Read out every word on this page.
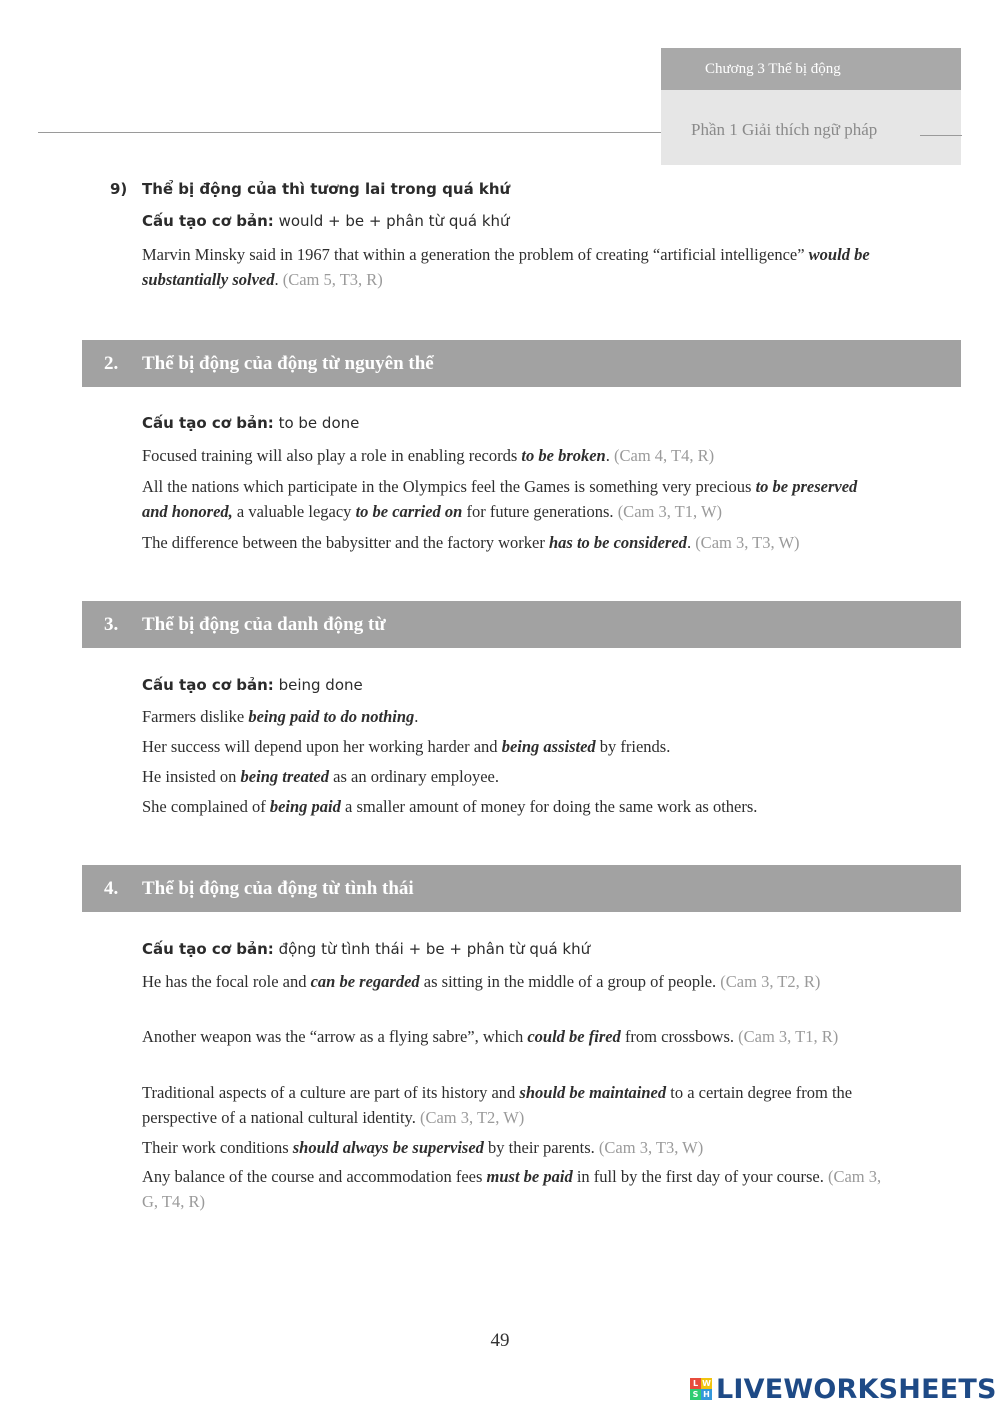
Chương 3 Thể bị động
Phần 1 Giải thích ngữ pháp
9) Thể bị động của thì tương lai trong quá khứ
Cấu tạo cơ bản: would + be + phân từ quá khứ
Marvin Minsky said in 1967 that within a generation the problem of creating “artificial intelligence” would be substantially solved. (Cam 5, T3, R)
2. Thể bị động của động từ nguyên thể
Cấu tạo cơ bản: to be done
Focused training will also play a role in enabling records to be broken. (Cam 4, T4, R)
All the nations which participate in the Olympics feel the Games is something very precious to be preserved and honored, a valuable legacy to be carried on for future generations. (Cam 3, T1, W)
The difference between the babysitter and the factory worker has to be considered. (Cam 3, T3, W)
3. Thể bị động của danh động từ
Cấu tạo cơ bản: being done
Farmers dislike being paid to do nothing.
Her success will depend upon her working harder and being assisted by friends.
He insisted on being treated as an ordinary employee.
She complained of being paid a smaller amount of money for doing the same work as others.
4. Thể bị động của động từ tình thái
Cấu tạo cơ bản: động từ tình thái + be + phân từ quá khứ
He has the focal role and can be regarded as sitting in the middle of a group of people. (Cam 3, T2, R)
Another weapon was the “arrow as a flying sabre”, which could be fired from crossbows. (Cam 3, T1, R)
Traditional aspects of a culture are part of its history and should be maintained to a certain degree from the perspective of a national cultural identity. (Cam 3, T2, W)
Their work conditions should always be supervised by their parents. (Cam 3, T3, W)
Any balance of the course and accommodation fees must be paid in full by the first day of your course. (Cam 3, G, T4, R)
49
L W
S H LIVEWORKSHEETS
